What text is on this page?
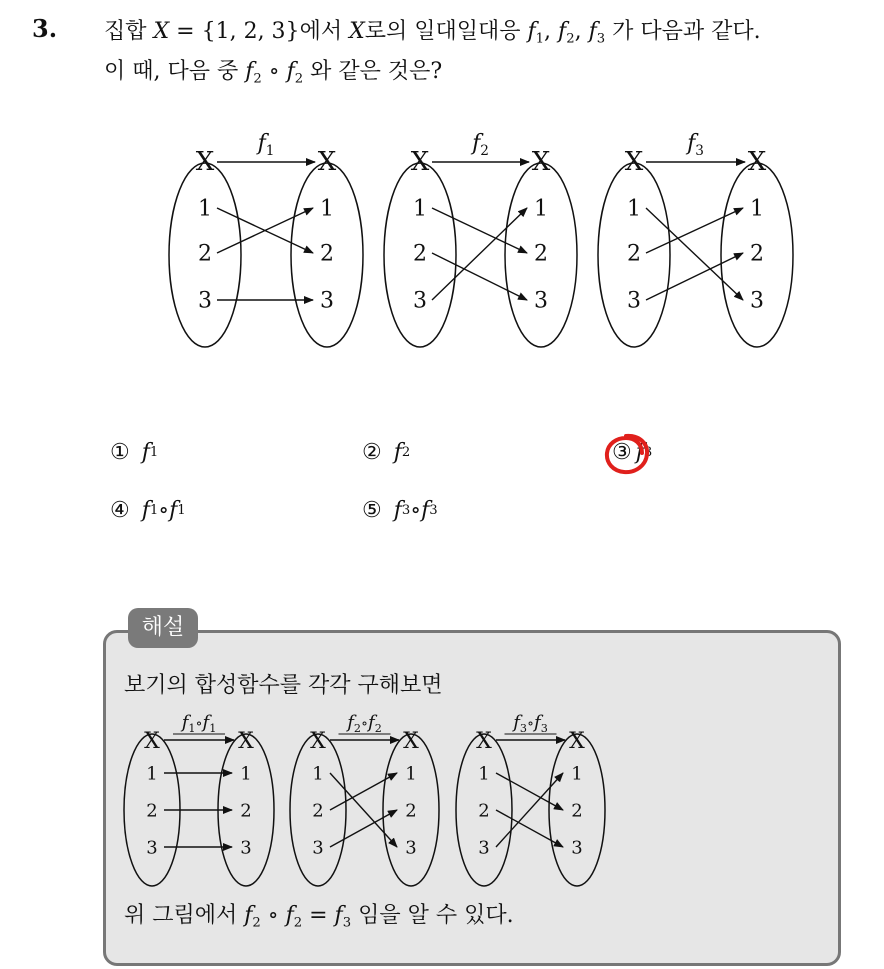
3. 집합 X = {1, 2, 3}에서 X로의 일대일대응 $f_1$, $f_2$, $f_3$ 가 다음과 같다.
이 때, 다음 중 $f_2$ ∘ $f_2$ 와 같은 것은?
X	X
$f_1$
1	1
2	2
3	3
X	X
$f_2$
1	1
2	2
3	3
X	X
$f_3$
1	1
2	2
3	3
① f 1	② f 2	③ f 3
④ f 1 ∘ f 1	⑤ f 3 ∘ f 3
해설
보기의 합성함수를 각각 구해보면
X	X
$f_1^\circ f_1$
1	1
2	2
3	3
X	X
$f_2^\circ f_2$
1	1
2	2
3	3
X	X
$f_3^\circ f_3$
1	1
2	2
3	3
위 그림에서 $f_2$ ∘ $f_2 = f_3$ 임을 알 수 있다.
